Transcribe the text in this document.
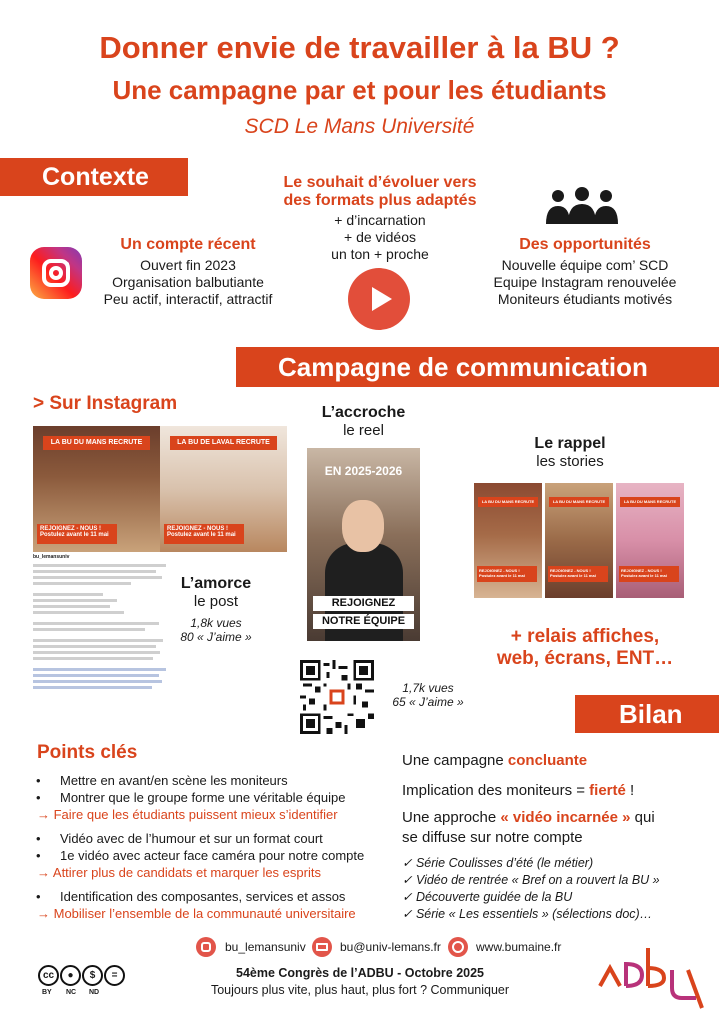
Donner envie de travailler à la BU ?
Une campagne par et pour les étudiants
SCD Le Mans Université
Contexte
Un compte récent
Ouvert fin 2023
Organisation balbutiante
Peu actif, interactif, attractif
Le souhait d’évoluer vers
des formats plus adaptés
+ d’incarnation
+ de vidéos
un ton + proche
Des opportunités
Nouvelle équipe com’ SCD
Equipe Instagram renouvelée
Moniteurs étudiants motivés
Campagne de communication
> Sur Instagram
LA BU DU MANS RECRUTE
REJOIGNEZ - NOUS ! Postulez avant le 11 mai
LA BU DE LAVAL RECRUTE
REJOIGNEZ - NOUS ! Postulez avant le 11 mai
bu_lemansuniv
L’amorce
le post
1,8k vues
80 « J’aime »
L’accroche
le reel
EN 2025-2026
REJOIGNEZ
NOTRE ÉQUIPE
1,7k vues
65 « J’aime »
Le rappel
les stories
LA BU DU MANS RECRUTE
REJOIGNEZ - NOUS ! Postulez avant le 11 mai
LA BU DU MANS RECRUTE
REJOIGNEZ - NOUS ! Postulez avant le 11 mai
LA BU DU MANS RECRUTE
REJOIGNEZ - NOUS ! Postulez avant le 11 mai
+ relais affiches,
web, écrans, ENT…
Bilan
Points clés
• Mettre en avant/en scène les moniteurs
• Montrer que le groupe forme une véritable équipe
→ Faire que les étudiants puissent mieux s’identifier
• Vidéo avec de l’humour et sur un format court
• 1e vidéo avec acteur face caméra pour notre compte
→ Attirer plus de candidats et marquer les esprits
• Identification des composantes, services et assos
→ Mobiliser l’ensemble de la communauté universitaire
Une campagne concluante
Implication des moniteurs = fierté !
Une approche « vidéo incarnée » qui
se diffuse sur notre compte
✓ Série Coulisses d’été (le métier)
✓ Vidéo de rentrée « Bref on a rouvert la BU »
✓ Découverte guidée de la BU
✓ Série « Les essentiels » (sélections doc)…
bu_lemansuniv	bu@univ-lemans.fr	www.bumaine.fr
54ème Congrès de l’ADBU - Octobre 2025
Toujours plus vite, plus haut, plus fort ? Communiquer
cc	●	$	=
BY NC ND
